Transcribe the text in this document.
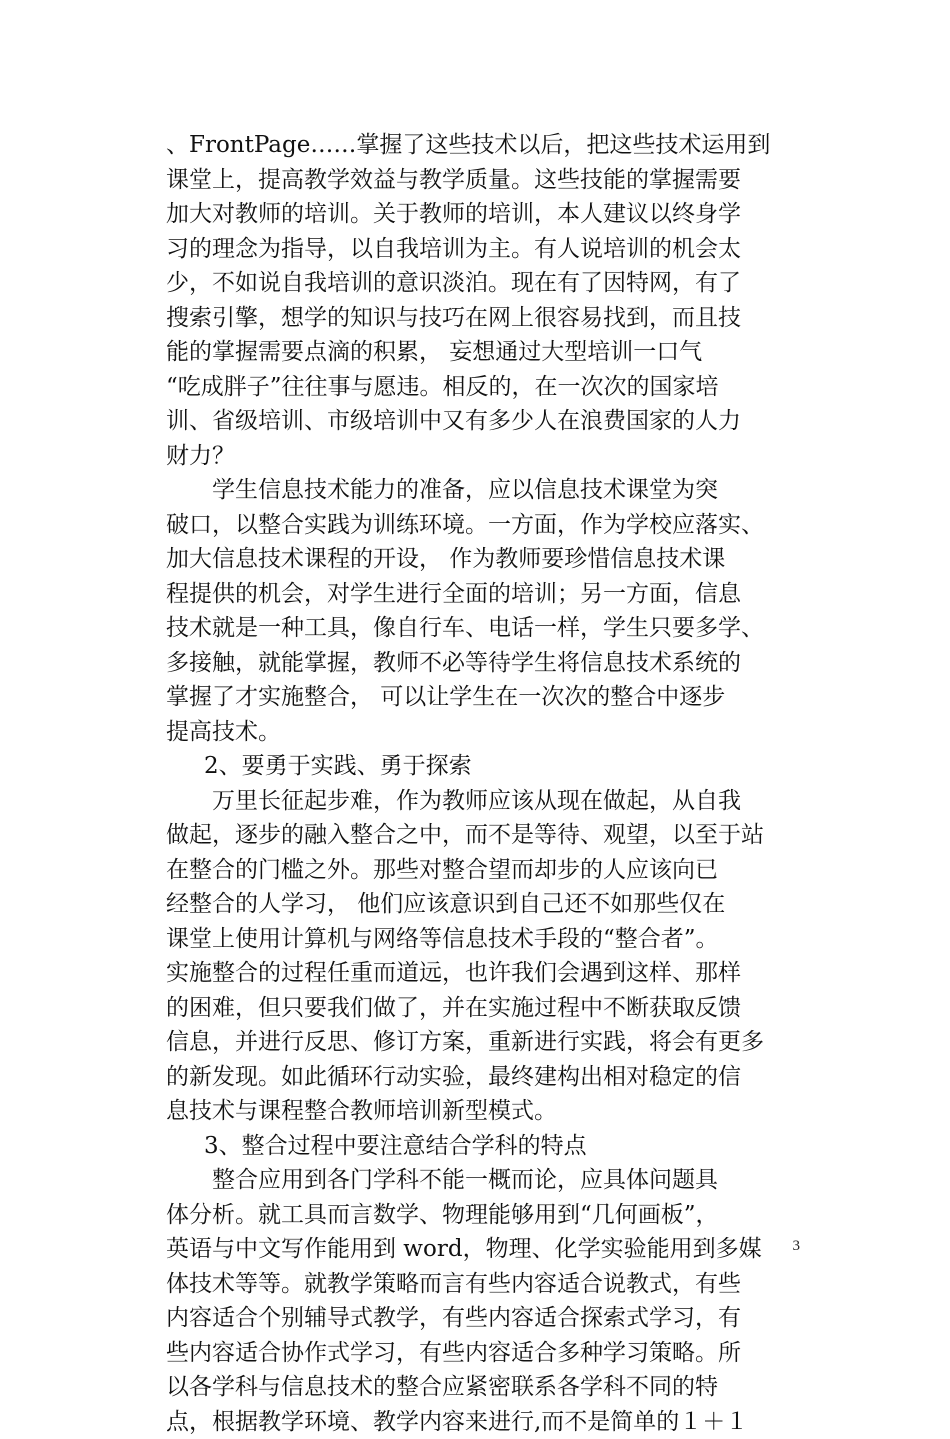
、FrontPage……掌握了这些技术以后，把这些技术运用到
课堂上，提高教学效益与教学质量。这些技能的掌握需要
加大对教师的培训。关于教师的培训，本人建议以终身学
习的理念为指导，以自我培训为主。有人说培训的机会太
少，不如说自我培训的意识淡泊。现在有了因特网，有了
搜索引擎，想学的知识与技巧在网上很容易找到，而且技
能的掌握需要点滴的积累， 妄想通过大型培训一口气
“吃成胖子”往往事与愿违。相反的，在一次次的国家培
训、省级培训、市级培训中又有多少人在浪费国家的人力
财力？
学生信息技术能力的准备，应以信息技术课堂为突
破口，以整合实践为训练环境。一方面，作为学校应落实、
加大信息技术课程的开设， 作为教师要珍惜信息技术课
程提供的机会，对学生进行全面的培训；另一方面，信息
技术就是一种工具，像自行车、电话一样，学生只要多学、
多接触，就能掌握，教师不必等待学生将信息技术系统的
掌握了才实施整合， 可以让学生在一次次的整合中逐步
提高技术。
2、要勇于实践、勇于探索
万里长征起步难，作为教师应该从现在做起，从自我
做起，逐步的融入整合之中，而不是等待、观望，以至于站
在整合的门槛之外。那些对整合望而却步的人应该向已
经整合的人学习， 他们应该意识到自己还不如那些仅在
课堂上使用计算机与网络等信息技术手段的“整合者”。
实施整合的过程任重而道远，也许我们会遇到这样、那样
的困难，但只要我们做了，并在实施过程中不断获取反馈
信息，并进行反思、修订方案，重新进行实践，将会有更多
的新发现。如此循环行动实验，最终建构出相对稳定的信
息技术与课程整合教师培训新型模式。
3、整合过程中要注意结合学科的特点
整合应用到各门学科不能一概而论，应具体问题具
体分析。就工具而言数学、物理能够用到“几何画板”，
英语与中文写作能用到 word，物理、化学实验能用到多媒
体技术等等。就教学策略而言有些内容适合说教式，有些
内容适合个别辅导式教学，有些内容适合探索式学习，有
些内容适合协作式学习，有些内容适合多种学习策略。所
以各学科与信息技术的整合应紧密联系各学科不同的特
点，根据教学环境、教学内容来进行,而不是简单的１＋１
3
